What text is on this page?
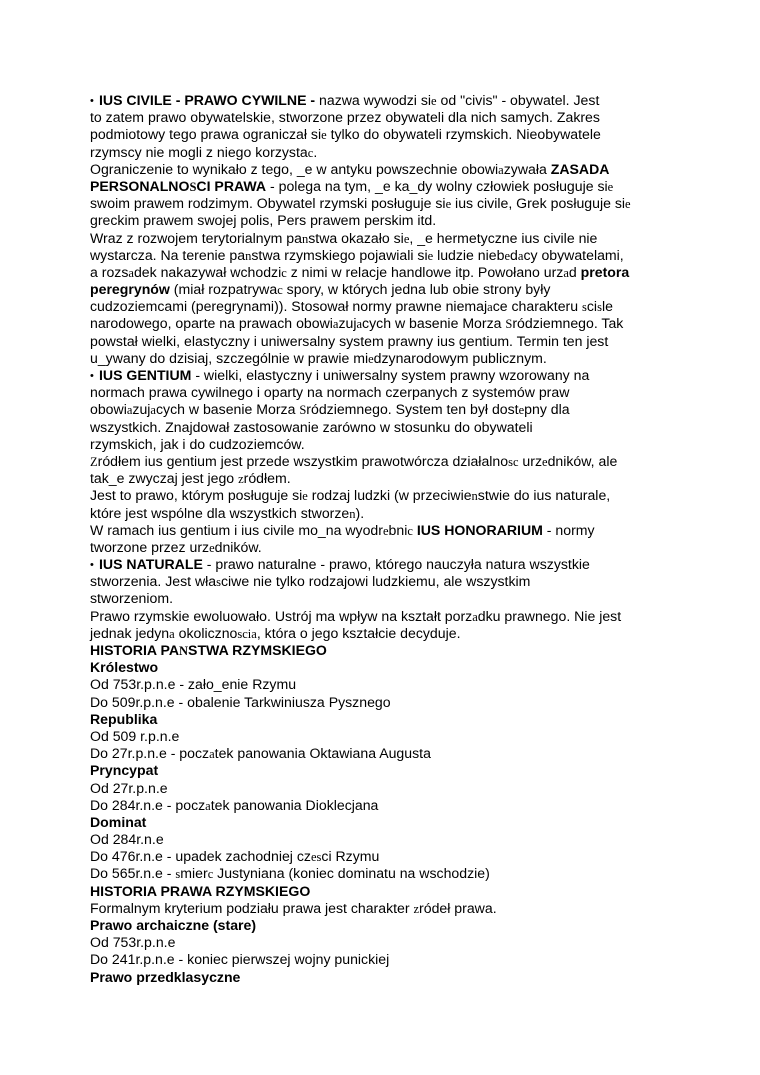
• IUS CIVILE - PRAWO CYWILNE - nazwa wywodzi sie od "civis" - obywatel. Jest
to zatem prawo obywatelskie, stworzone przez obywateli dla nich samych. Zakres
podmiotowy tego prawa ograniczał sie tylko do obywateli rzymskich. Nieobywatele
rzymscy nie mogli z niego korzystac.
Ograniczenie to wynikało z tego, _e w antyku powszechnie obowiazywała ZASADA
PERSONALNOSCI PRAWA - polega na tym, _e ka_dy wolny człowiek posługuje sie
swoim prawem rodzimym. Obywatel rzymski posługuje sie ius civile, Grek posługuje sie
greckim prawem swojej polis, Pers prawem perskim itd.
Wraz z rozwojem terytorialnym panstwa okazało sie, _e hermetyczne ius civile nie
wystarcza. Na terenie panstwa rzymskiego pojawiali sie ludzie niebedacy obywatelami,
a rozsadek nakazywał wchodzic z nimi w relacje handlowe itp. Powołano urzad pretora
peregrynów (miał rozpatrywac spory, w których jedna lub obie strony były
cudzoziemcami (peregrynami)). Stosował normy prawne niemajace charakteru scisle
narodowego, oparte na prawach obowiazujacych w basenie Morza Sródziemnego. Tak
powstał wielki, elastyczny i uniwersalny system prawny ius gentium. Termin ten jest
u_ywany do dzisiaj, szczególnie w prawie miedzynarodowym publicznym.
• IUS GENTIUM - wielki, elastyczny i uniwersalny system prawny wzorowany na
normach prawa cywilnego i oparty na normach czerpanych z systemów praw
obowiazujacych w basenie Morza Sródziemnego. System ten był dostepny dla
wszystkich. Znajdował zastosowanie zarówno w stosunku do obywateli
rzymskich, jak i do cudzoziemców.
Zródłem ius gentium jest przede wszystkim prawotwórcza działalnosc urzedników, ale
tak_e zwyczaj jest jego zródłem.
Jest to prawo, którym posługuje sie rodzaj ludzki (w przeciwienstwie do ius naturale,
które jest wspólne dla wszystkich stworzen).
W ramach ius gentium i ius civile mo_na wyodrebnic IUS HONORARIUM - normy
tworzone przez urzedników.
• IUS NATURALE - prawo naturalne - prawo, którego nauczyła natura wszystkie
stworzenia. Jest własciwe nie tylko rodzajowi ludzkiemu, ale wszystkim
stworzeniom.
Prawo rzymskie ewoluowało. Ustrój ma wpływ na kształt porzadku prawnego. Nie jest
jednak jedyna okolicznoscia, która o jego kształcie decyduje.
HISTORIA PANSTWA RZYMSKIEGO
Królestwo
Od 753r.p.n.e - zało_enie Rzymu
Do 509r.p.n.e - obalenie Tarkwiniusza Pysznego
Republika
Od 509 r.p.n.e
Do 27r.p.n.e - poczatek panowania Oktawiana Augusta
Pryncypat
Od 27r.p.n.e
Do 284r.n.e - poczatek panowania Dioklecjana
Dominat
Od 284r.n.e
Do 476r.n.e - upadek zachodniej czesci Rzymu
Do 565r.n.e - smierc Justyniana (koniec dominatu na wschodzie)
HISTORIA PRAWA RZYMSKIEGO
Formalnym kryterium podziału prawa jest charakter zródeł prawa.
Prawo archaiczne (stare)
Od 753r.p.n.e
Do 241r.p.n.e - koniec pierwszej wojny punickiej
Prawo przedklasyczne
